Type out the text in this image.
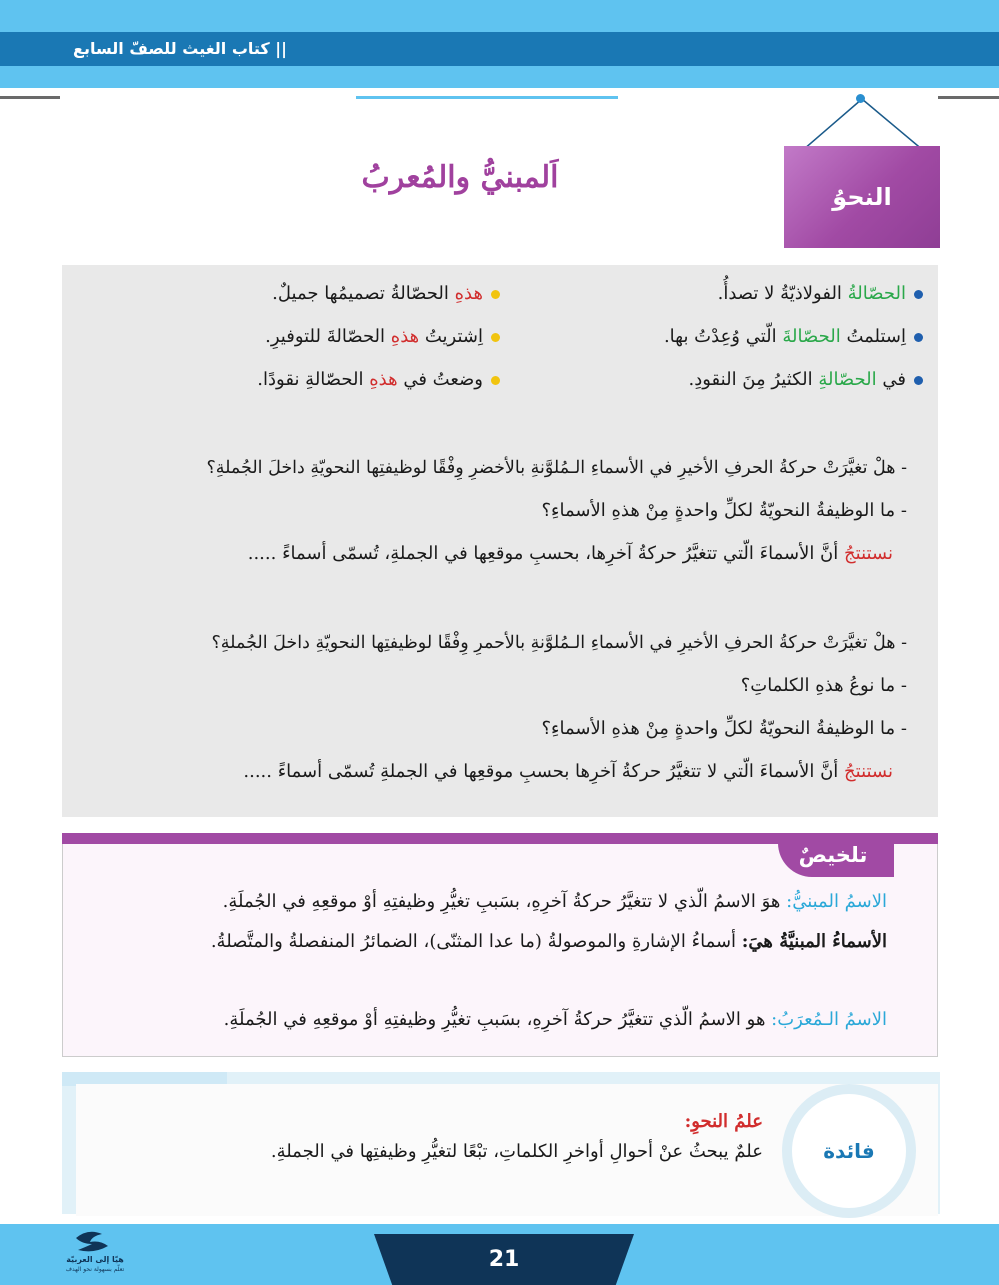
|| كتاب الغيث للصفّ السابع
النحوُ
اَلمبنيُّ والمُعربُ
الحصّالةُ الفولاذيّةُ لا تصدأُ.
اِستلمتُ الحصّالةَ الّتي وُعِدْتُ بها.
في الحصّالةِ الكثيرُ مِنَ النقودِ.
هذهِ الحصّالةُ تصميمُها جميلٌ.
اِشتريتُ هذهِ الحصّالةَ للتوفيرِ.
وضعتُ في هذهِ الحصّالةِ نقودًا.
- هلْ تغيَّرَتْ حركةُ الحرفِ الأخيرِ في الأسماءِ الـمُلوَّنةِ بالأخضرِ وِفْقًا لوظيفتِها النحويّةِ داخلَ الجُملةِ؟
- ما الوظيفةُ النحويّةُ لكلِّ واحدةٍ مِنْ هذهِ الأسماءِ؟
نستنتجُ أنَّ الأسماءَ الّتي تتغيَّرُ حركةُ آخرِها، بحسبِ موقعِها في الجملةِ، تُسمّى أسماءً .....
- هلْ تغيَّرَتْ حركةُ الحرفِ الأخيرِ في الأسماءِ الـمُلوَّنةِ بالأحمرِ وِفْقًا لوظيفتِها النحويّةِ داخلَ الجُملةِ؟
- ما نوعُ هذهِ الكلماتِ؟
- ما الوظيفةُ النحويّةُ لكلِّ واحدةٍ مِنْ هذهِ الأسماءِ؟
نستنتجُ أنَّ الأسماءَ الّتي لا تتغيَّرُ حركةُ آخرِها بحسبِ موقعِها في الجملةِ تُسمّى أسماءً .....
تلخيصٌ
الاسمُ المبنيُّ: هوَ الاسمُ الّذي لا تتغيَّرُ حركةُ آخرِهِ، بسَببِ تغيُّرِ وظيفتِهِ أوْ موقعِهِ في الجُملَةِ.
الأسماءُ المبنيَّةُ هيَ: أسماءُ الإشارةِ والموصولةُ (ما عدا المثنّى)، الضمائرُ المنفصلةُ والمتَّصلةُ.
الاسمُ الـمُعرَبُ: هو الاسمُ الّذي تتغيَّرُ حركةُ آخرِهِ، بسَببِ تغيُّرِ وظيفتِهِ أوْ موقعِهِ في الجُملَةِ.
فائدة
علمُ النحوِ:
علمٌ يبحثُ عنْ أحوالِ أواخرِ الكلماتِ، تبْعًا لتغيُّرِ وظيفتِها في الجملةِ.
21
هيّا إلى العربيّة
تعلّم بسهولة نحو الهدف
